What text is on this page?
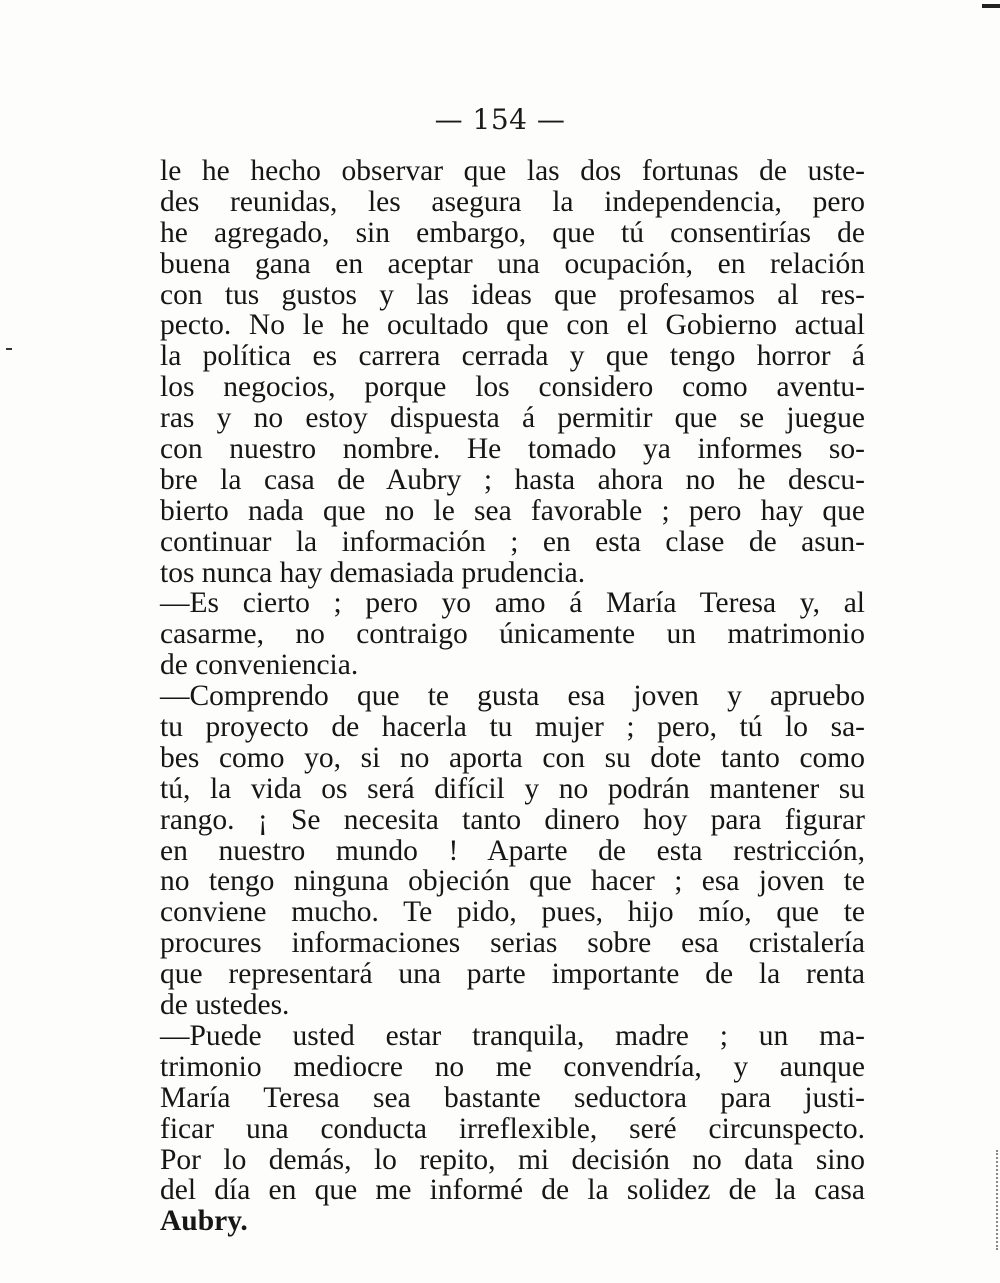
— 154 —
le he hecho observar que las dos fortunas de uste-
des reunidas, les asegura la independencia, pero
he agregado, sin embargo, que tú consentirías de
buena gana en aceptar una ocupación, en relación
con tus gustos y las ideas que profesamos al res-
pecto. No le he ocultado que con el Gobierno actual
la política es carrera cerrada y que tengo horror á
los negocios, porque los considero como aventu-
ras y no estoy dispuesta á permitir que se juegue
con nuestro nombre. He tomado ya informes so-
bre la casa de Aubry ; hasta ahora no he descu-
bierto nada que no le sea favorable ; pero hay que
continuar la información ; en esta clase de asun-
tos nunca hay demasiada prudencia.
—Es cierto ; pero yo amo á María Teresa y, al
casarme, no contraigo únicamente un matrimonio
de conveniencia.
—Comprendo que te gusta esa joven y apruebo
tu proyecto de hacerla tu mujer ; pero, tú lo sa-
bes como yo, si no aporta con su dote tanto como
tú, la vida os será difícil y no podrán mantener su
rango. ¡ Se necesita tanto dinero hoy para figurar
en nuestro mundo ! Aparte de esta restricción,
no tengo ninguna objeción que hacer ; esa joven te
conviene mucho. Te pido, pues, hijo mío, que te
procures informaciones serias sobre esa cristalería
que representará una parte importante de la renta
de ustedes.
—Puede usted estar tranquila, madre ; un ma-
trimonio mediocre no me convendría, y aunque
María Teresa sea bastante seductora para justi-
ficar una conducta irreflexible, seré circunspecto.
Por lo demás, lo repito, mi decisión no data sino
del día en que me informé de la solidez de la casa
Aubry.
